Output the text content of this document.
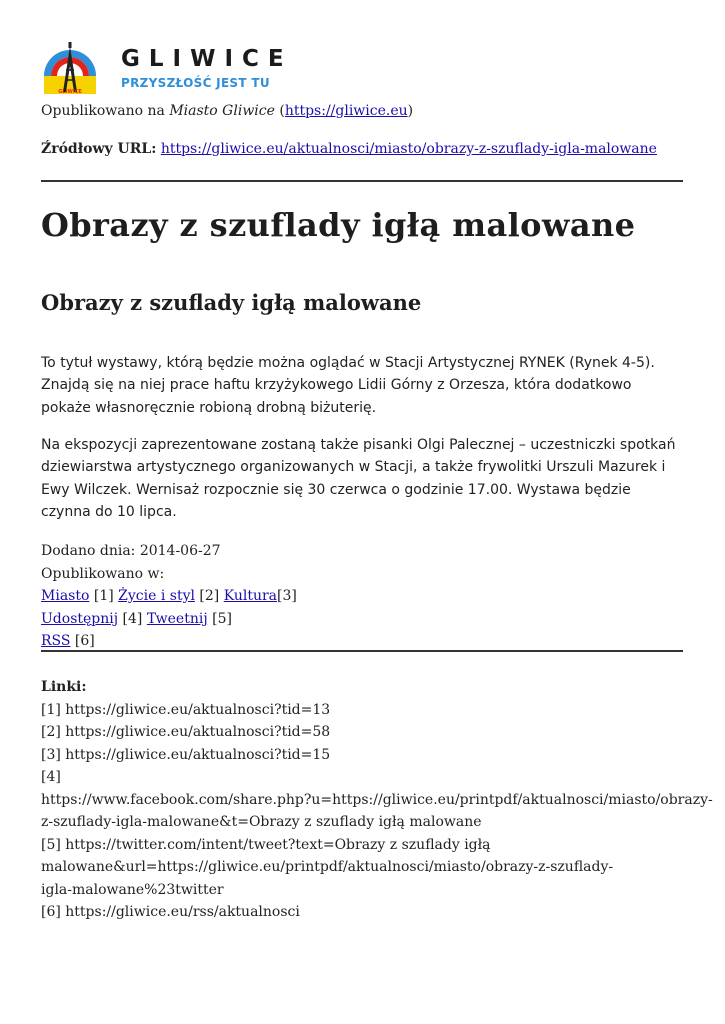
GLIWICE
GLIWICE
PRZYSZŁOŚĆ JEST TU
Opublikowano na Miasto Gliwice (https://gliwice.eu)
Źródłowy URL: https://gliwice.eu/aktualnosci/miasto/obrazy-z-szuflady-igla-malowane
Obrazy z szuflady igłą malowane
Obrazy z szuflady igłą malowane

To tytuł wystawy, którą będzie można oglądać w Stacji Artystycznej RYNEK (Rynek 4-5). Znajdą się na niej prace haftu krzyżykowego Lidii Górny z Orzesza, która dodatkowo pokaże własnoręcznie robioną drobną biżuterię.

Na ekspozycji zaprezentowane zostaną także pisanki Olgi Palecznej – uczestniczki spotkań dziewiarstwa artystycznego organizowanych w Stacji, a także frywolitki Urszuli Mazurek i Ewy Wilczek. Wernisaż rozpocznie się 30 czerwca o godzinie 17.00. Wystawa będzie czynna do 10 lipca.

Dodano dnia: 2014-06-27
Opublikowano w:
Miasto [1] Życie i styl [2] Kultura[3]
Udostępnij [4] Tweetnij [5]
RSS [6]
Linki:
[1] https://gliwice.eu/aktualnosci?tid=13
[2] https://gliwice.eu/aktualnosci?tid=58
[3] https://gliwice.eu/aktualnosci?tid=15
[4]
https://www.facebook.com/share.php?u=https://gliwice.eu/printpdf/aktualnosci/miasto/obrazy-
z-szuflady-igla-malowane&t=Obrazy z szuflady igłą malowane
[5] https://twitter.com/intent/tweet?text=Obrazy z szuflady igłą
malowane&url=https://gliwice.eu/printpdf/aktualnosci/miasto/obrazy-z-szuflady-
igla-malowane%23twitter
[6] https://gliwice.eu/rss/aktualnosci
